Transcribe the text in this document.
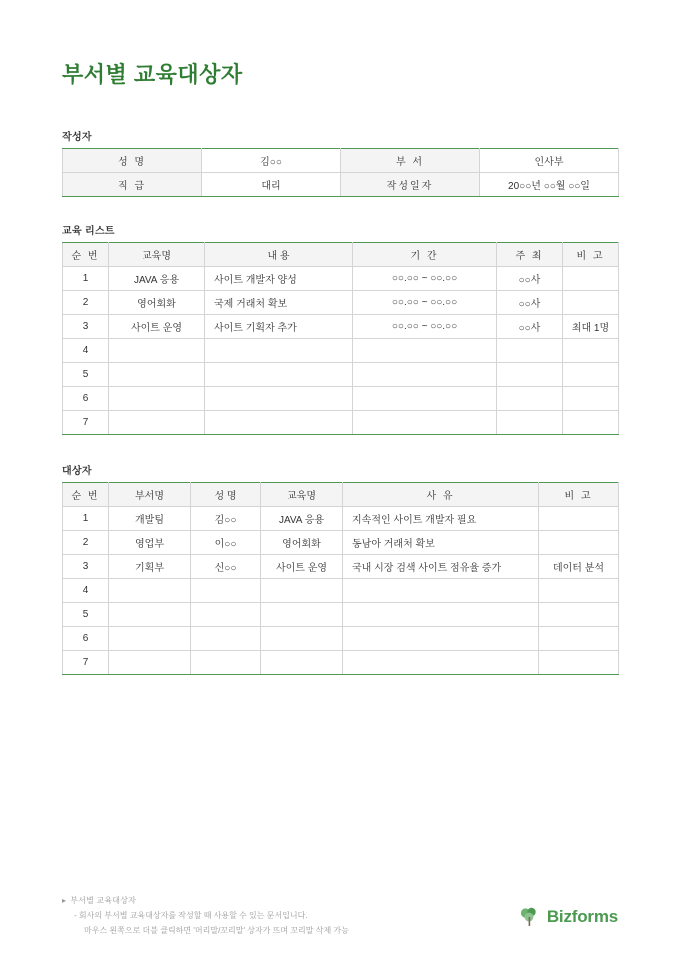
부서별 교육대상자
작성자
성 명	김○○	부 서	인사부
직 급	대리	작성일자	20○○년 ○○월 ○○일
교육 리스트
순 번	교육명	내 용	기 간	주 최	비 고
1	JAVA 응용	사이트 개발자 양성	○○.○○ ~ ○○.○○	○○사	
2	영어회화	국제 거래처 확보	○○.○○ ~ ○○.○○	○○사	
3	사이트 운영	사이트 기획자 추가	○○.○○ ~ ○○.○○	○○사	최대 1명
4					
5					
6					
7					
대상자
순 번	부서명	성 명	교육명	사 유	비 고
1	개발팀	김○○	JAVA 응용	지속적인 사이트 개발자 필요	
2	영업부	이○○	영어회화	동남아 거래처 확보	
3	기획부	신○○	사이트 운영	국내 시장 검색 사이트 점유율 증가	데이터 분석
4					
5					
6					
7					
▸ 부서별 교육대상자
- 회사의 부서별 교육대상자를 작성할 때 사용할 수 있는 문서입니다.
마우스 왼쪽으로 더블 클릭하면 '머리말/꼬리말' 상자가 뜨며 꼬리말 삭제 가능
Bizforms
